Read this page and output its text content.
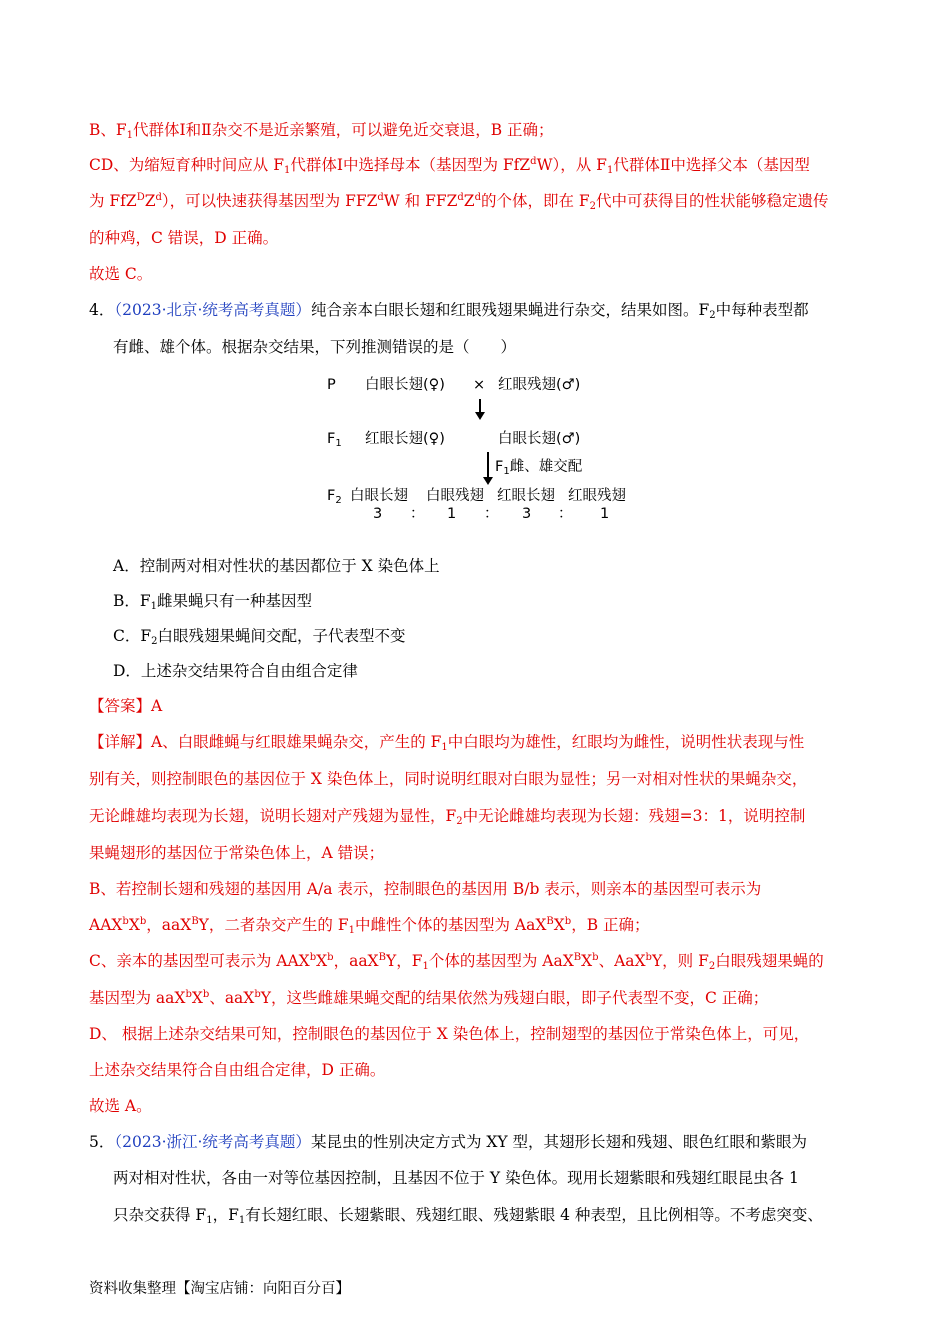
B、$F_1$代群体Ⅰ和Ⅱ杂交不是近亲繁殖，可以避免近交衰退，B 正确；
CD、为缩短育种时间应从 $F_1$代群体Ⅰ中选择母本（基因型为 FfZ$^d$W），从 $F_1$代群体Ⅱ中选择父本（基因型
为 $FfZ^DZ^d$），可以快速获得基因型为 FFZ$^d$W 和 $FFZ^dZ^d$的个体，即在 $F_2$代中可获得目的性状能够稳定遗传
的种鸡，C 错误，D 正确。
故选 C。
4．（2023·北京·统考高考真题）纯合亲本白眼长翅和红眼残翅果蝇进行杂交，结果如图。$F_2$中每种表型都
有雌、雄个体。根据杂交结果，下列推测错误的是（　　）
P 白眼长翅(♀) × 红眼残翅(♂)
$F_1$ 红眼长翅(♀)	白眼长翅(♂)
$F_1$雌、雄交配
$F_2$ 白眼长翅 白眼残翅 红眼长翅 红眼残翅
3 ： 1 ： 3 ： 1
A．控制两对相对性状的基因都位于 X 染色体上
B．$F_1$雌果蝇只有一种基因型
C．$F_2$白眼残翅果蝇间交配，子代表型不变
D．上述杂交结果符合自由组合定律
【答案】A
【详解】A、白眼雌蝇与红眼雄果蝇杂交，产生的 $F_1$中白眼均为雄性，红眼均为雌性，说明性状表现与性
别有关，则控制眼色的基因位于 X 染色体上，同时说明红眼对白眼为显性；另一对相对性状的果蝇杂交，
无论雌雄均表现为长翅，说明长翅对产残翅为显性，$F_2$中无论雌雄均表现为长翅：残翅=3：1，说明控制
果蝇翅形的基因位于常染色体上，A 错误；
B、若控制长翅和残翅的基因用 A/a 表示，控制眼色的基因用 B/b 表示，则亲本的基因型可表示为
$AAX^bX^b$，aaX$^B$Y，二者杂交产生的 $F_1$中雌性个体的基因型为 $AaX^BX^b$，B 正确；
C、亲本的基因型可表示为 $AAX^bX^b$，aaX$^B$Y，$F_1$个体的基因型为 $AaX^BX^b$、AaX$^b$Y，则 $F_2$白眼残翅果蝇的
基因型为 $aaX^bX^b$、aaX$^b$Y，这些雌雄果蝇交配的结果依然为残翅白眼，即子代表型不变，C 正确；
D、 根据上述杂交结果可知，控制眼色的基因位于 X 染色体上，控制翅型的基因位于常染色体上，可见，
上述杂交结果符合自由组合定律，D 正确。
故选 A。
5．（2023·浙江·统考高考真题）某昆虫的性别决定方式为 XY 型，其翅形长翅和残翅、眼色红眼和紫眼为
两对相对性状，各由一对等位基因控制，且基因不位于 Y 染色体。现用长翅紫眼和残翅红眼昆虫各 1
只杂交获得 $F_1$，$F_1$有长翅红眼、长翅紫眼、残翅红眼、残翅紫眼 4 种表型，且比例相等。不考虑突变、
资料收集整理【淘宝店铺：向阳百分百】
